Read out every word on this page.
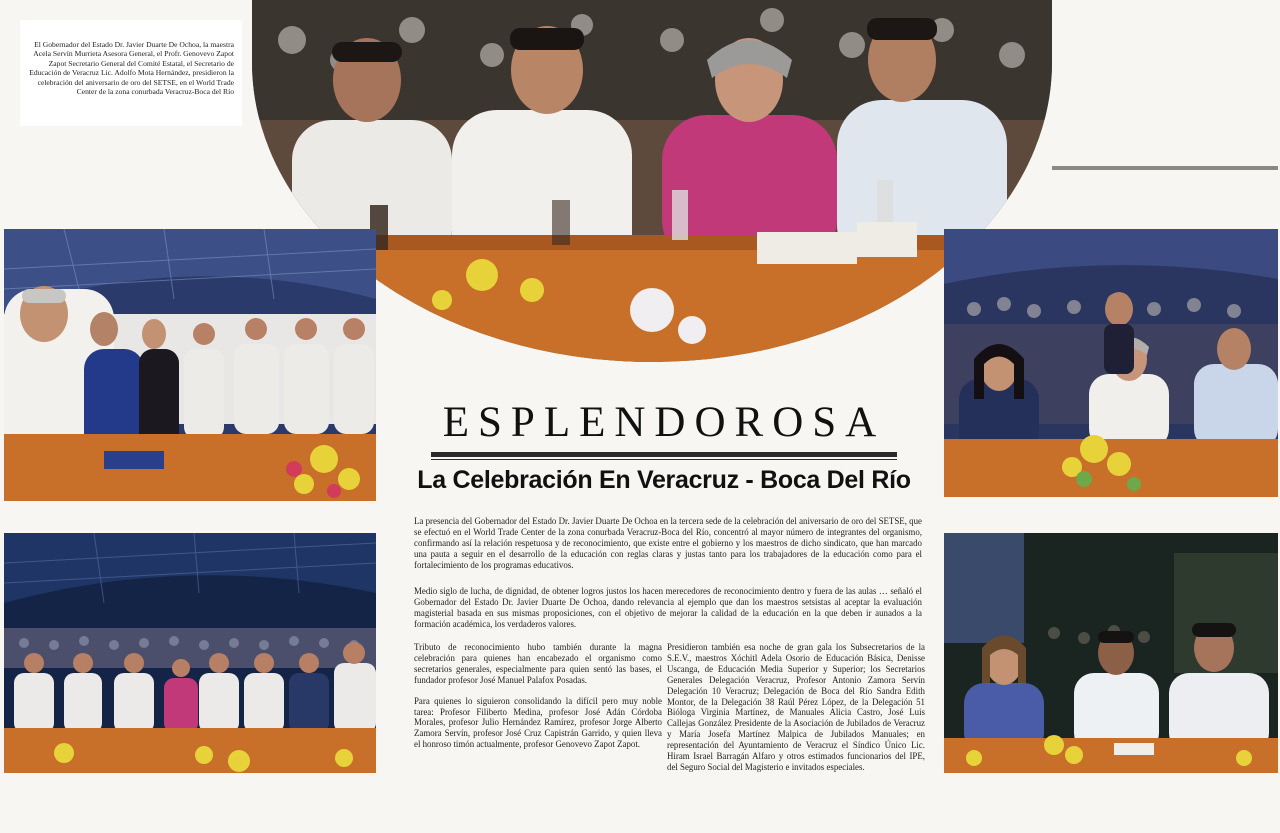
El Gobernador del Estado Dr. Javier Duarte De Ochoa, la maestra Acela Servín Murrieta Asesora General, el Profr. Genovevo Zapot Zapot Secretario General del Comité Estatal, el Secretario de Educación de Veracruz Lic. Adolfo Mota Hernández, presidieron la celebración del aniversario de oro del SETSE, en el World Trade Center de la zona conurbada Veracruz-Boca del Río
ESPLENDOROSA
La Celebración En Veracruz - Boca Del Río

La presencia del Gobernador del Estado Dr. Javier Duarte De Ochoa en la tercera sede de la celebración del aniversario de oro del SETSE, que se efectuó en el World Trade Center de la zona conurbada Veracruz-Boca del Río, concentró al mayor número de integrantes del organismo, confirmando así la relación respetuosa y de reconocimiento, que existe entre el gobierno y los maestros de dicho sindicato, que han marcado una pauta a seguir en el desarrollo de la educación con reglas claras y justas tanto para los trabajadores de la educación como para el fortalecimiento de los programas educativos.

Medio siglo de lucha, de dignidad, de obtener logros justos los hacen merecedores de reconocimiento dentro y fuera de las aulas … señaló el Gobernador del Estado Dr. Javier Duarte De Ochoa, dando relevancia al ejemplo que dan los maestros setsistas al aceptar la evaluación magisterial basada en sus mismas proposiciones, con el objetivo de mejorar la calidad de la educación en la que deben ir aunados a la formación académica, los verdaderos valores.

Tributo de reconocimiento hubo también durante la magna celebración para quienes han encabezado el organismo como secretarios generales, especialmente para quien sentó las bases, el fundador profesor José Manuel Palafox Posadas.

Para quienes lo siguieron consolidando la difícil pero muy noble tarea: Profesor Filiberto Medina, profesor José Adán Córdoba Morales, profesor Julio Hernández Ramírez, profesor Jorge Alberto Zamora Servín, profesor José Cruz Capistrán Garrido, y quien lleva el honroso timón actualmente, profesor Genovevo Zapot Zapot.

Presidieron también esa noche de gran gala los Subsecretarios de la S.E.V., maestros Xóchitl Adela Osorio de Educación Básica, Denisse Uscanga, de Educación Media Superior y Superior; los Secretarios Generales Delegación Veracruz, Profesor Antonio Zamora Servín Delegación 10 Veracruz; Delegación de Boca del Río Sandra Edith Montor, de la Delegación 38 Raúl Pérez López, de la Delegación 51 Bióloga Virginia Martínez, de Manuales Alicia Castro, José Luis Callejas González Presidente de la Asociación de Jubilados de Veracruz y María Josefa Martínez Malpica de Jubilados Manuales; en representación del Ayuntamiento de Veracruz el Síndico Único Lic. Hiram Israel Barragán Alfaro y otros estimados funcionarios del IPE, del Seguro Social del Magisterio e invitados especiales.
